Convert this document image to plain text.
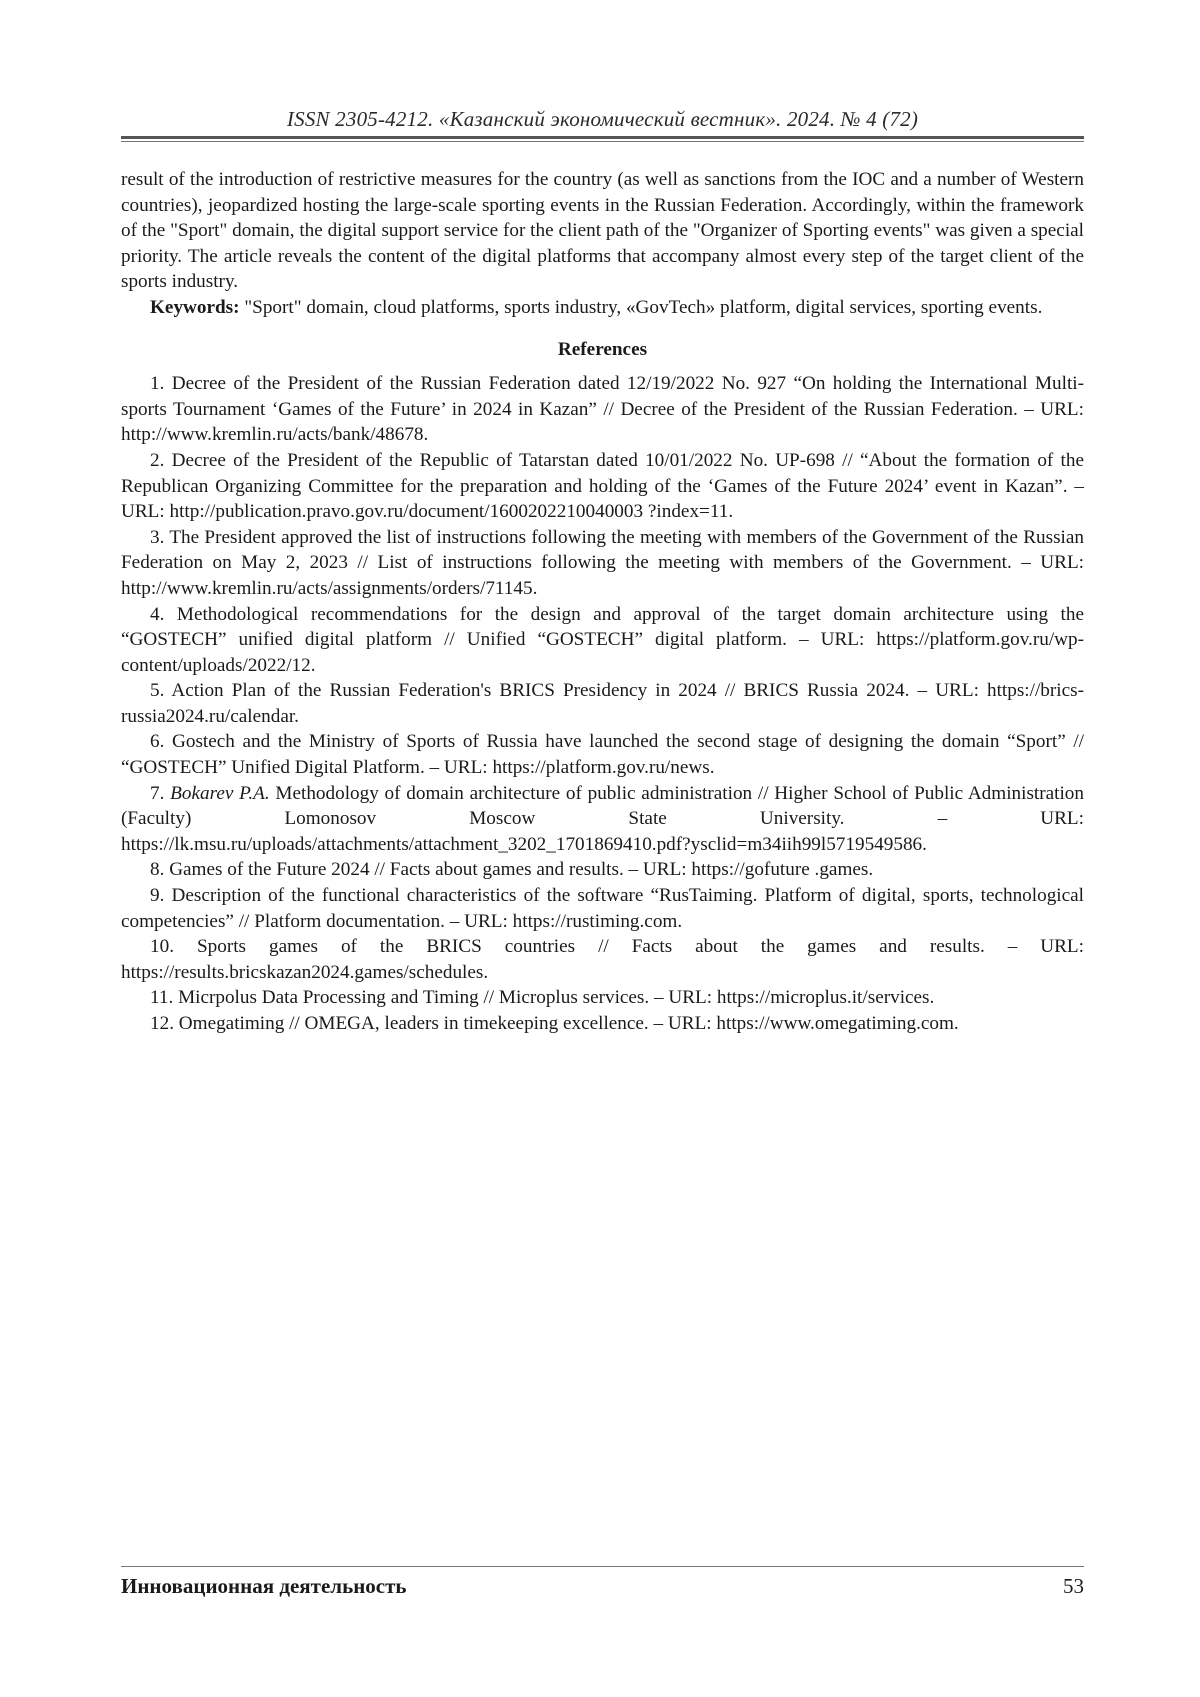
ISSN 2305-4212. «Казанский экономический вестник». 2024. № 4 (72)

result of the introduction of restrictive measures for the country (as well as sanctions from the IOC and a number of Western countries), jeopardized hosting the large-scale sporting events in the Russian Federation. Accordingly, within the framework of the "Sport" domain, the digital support service for the client path of the "Organizer of Sporting events" was given a special priority. The article reveals the content of the digital platforms that accompany almost every step of the target client of the sports industry.

Keywords: "Sport" domain, cloud platforms, sports industry, «GovTech» platform, digital services, sporting events.

References

1. Decree of the President of the Russian Federation dated 12/19/2022 No. 927 “On holding the International Multi-sports Tournament ‘Games of the Future’ in 2024 in Kazan” // Decree of the President of the Russian Federation. – URL: http://www.kremlin.ru/acts/bank/48678.

2. Decree of the President of the Republic of Tatarstan dated 10/01/2022 No. UP-698 // “About the formation of the Republican Organizing Committee for the preparation and holding of the ‘Games of the Future 2024’ event in Kazan”. – URL: http://publication.pravo.gov.ru/document/1600202210040003 ?index=11.

3. The President approved the list of instructions following the meeting with members of the Government of the Russian Federation on May 2, 2023 // List of instructions following the meeting with members of the Government. – URL: http://www.kremlin.ru/acts/assignments/orders/71145.

4. Methodological recommendations for the design and approval of the target domain architecture using the “GOSTECH” unified digital platform // Unified “GOSTECH” digital platform. – URL: https://platform.gov.ru/wp-content/uploads/2022/12.

5. Action Plan of the Russian Federation's BRICS Presidency in 2024 // BRICS Russia 2024. – URL: https://brics-russia2024.ru/calendar.

6. Gostech and the Ministry of Sports of Russia have launched the second stage of designing the domain “Sport” // “GOSTECH” Unified Digital Platform. – URL: https://platform.gov.ru/news.

7. Bokarev P.A. Methodology of domain architecture of public administration // Higher School of Public Administration (Faculty) Lomonosov Moscow State University. – URL: https://lk.msu.ru/uploads/attachments/attachment_3202_1701869410.pdf?ysclid=m34iih99l5719549586.

8. Games of the Future 2024 // Facts about games and results. – URL: https://gofuture .games.

9. Description of the functional characteristics of the software “RusTaiming. Platform of digital, sports, technological competencies” // Platform documentation. – URL: https://rustiming.com.

10. Sports games of the BRICS countries // Facts about the games and results. – URL: https://results.bricskazan2024.games/schedules.

11. Micrpolus Data Processing and Timing // Microplus services. – URL: https://microplus.it/services.

12. Omegatiming // OMEGA, leaders in timekeeping excellence. – URL: https://www.omegatiming.com.

Инновационная деятельность	53
